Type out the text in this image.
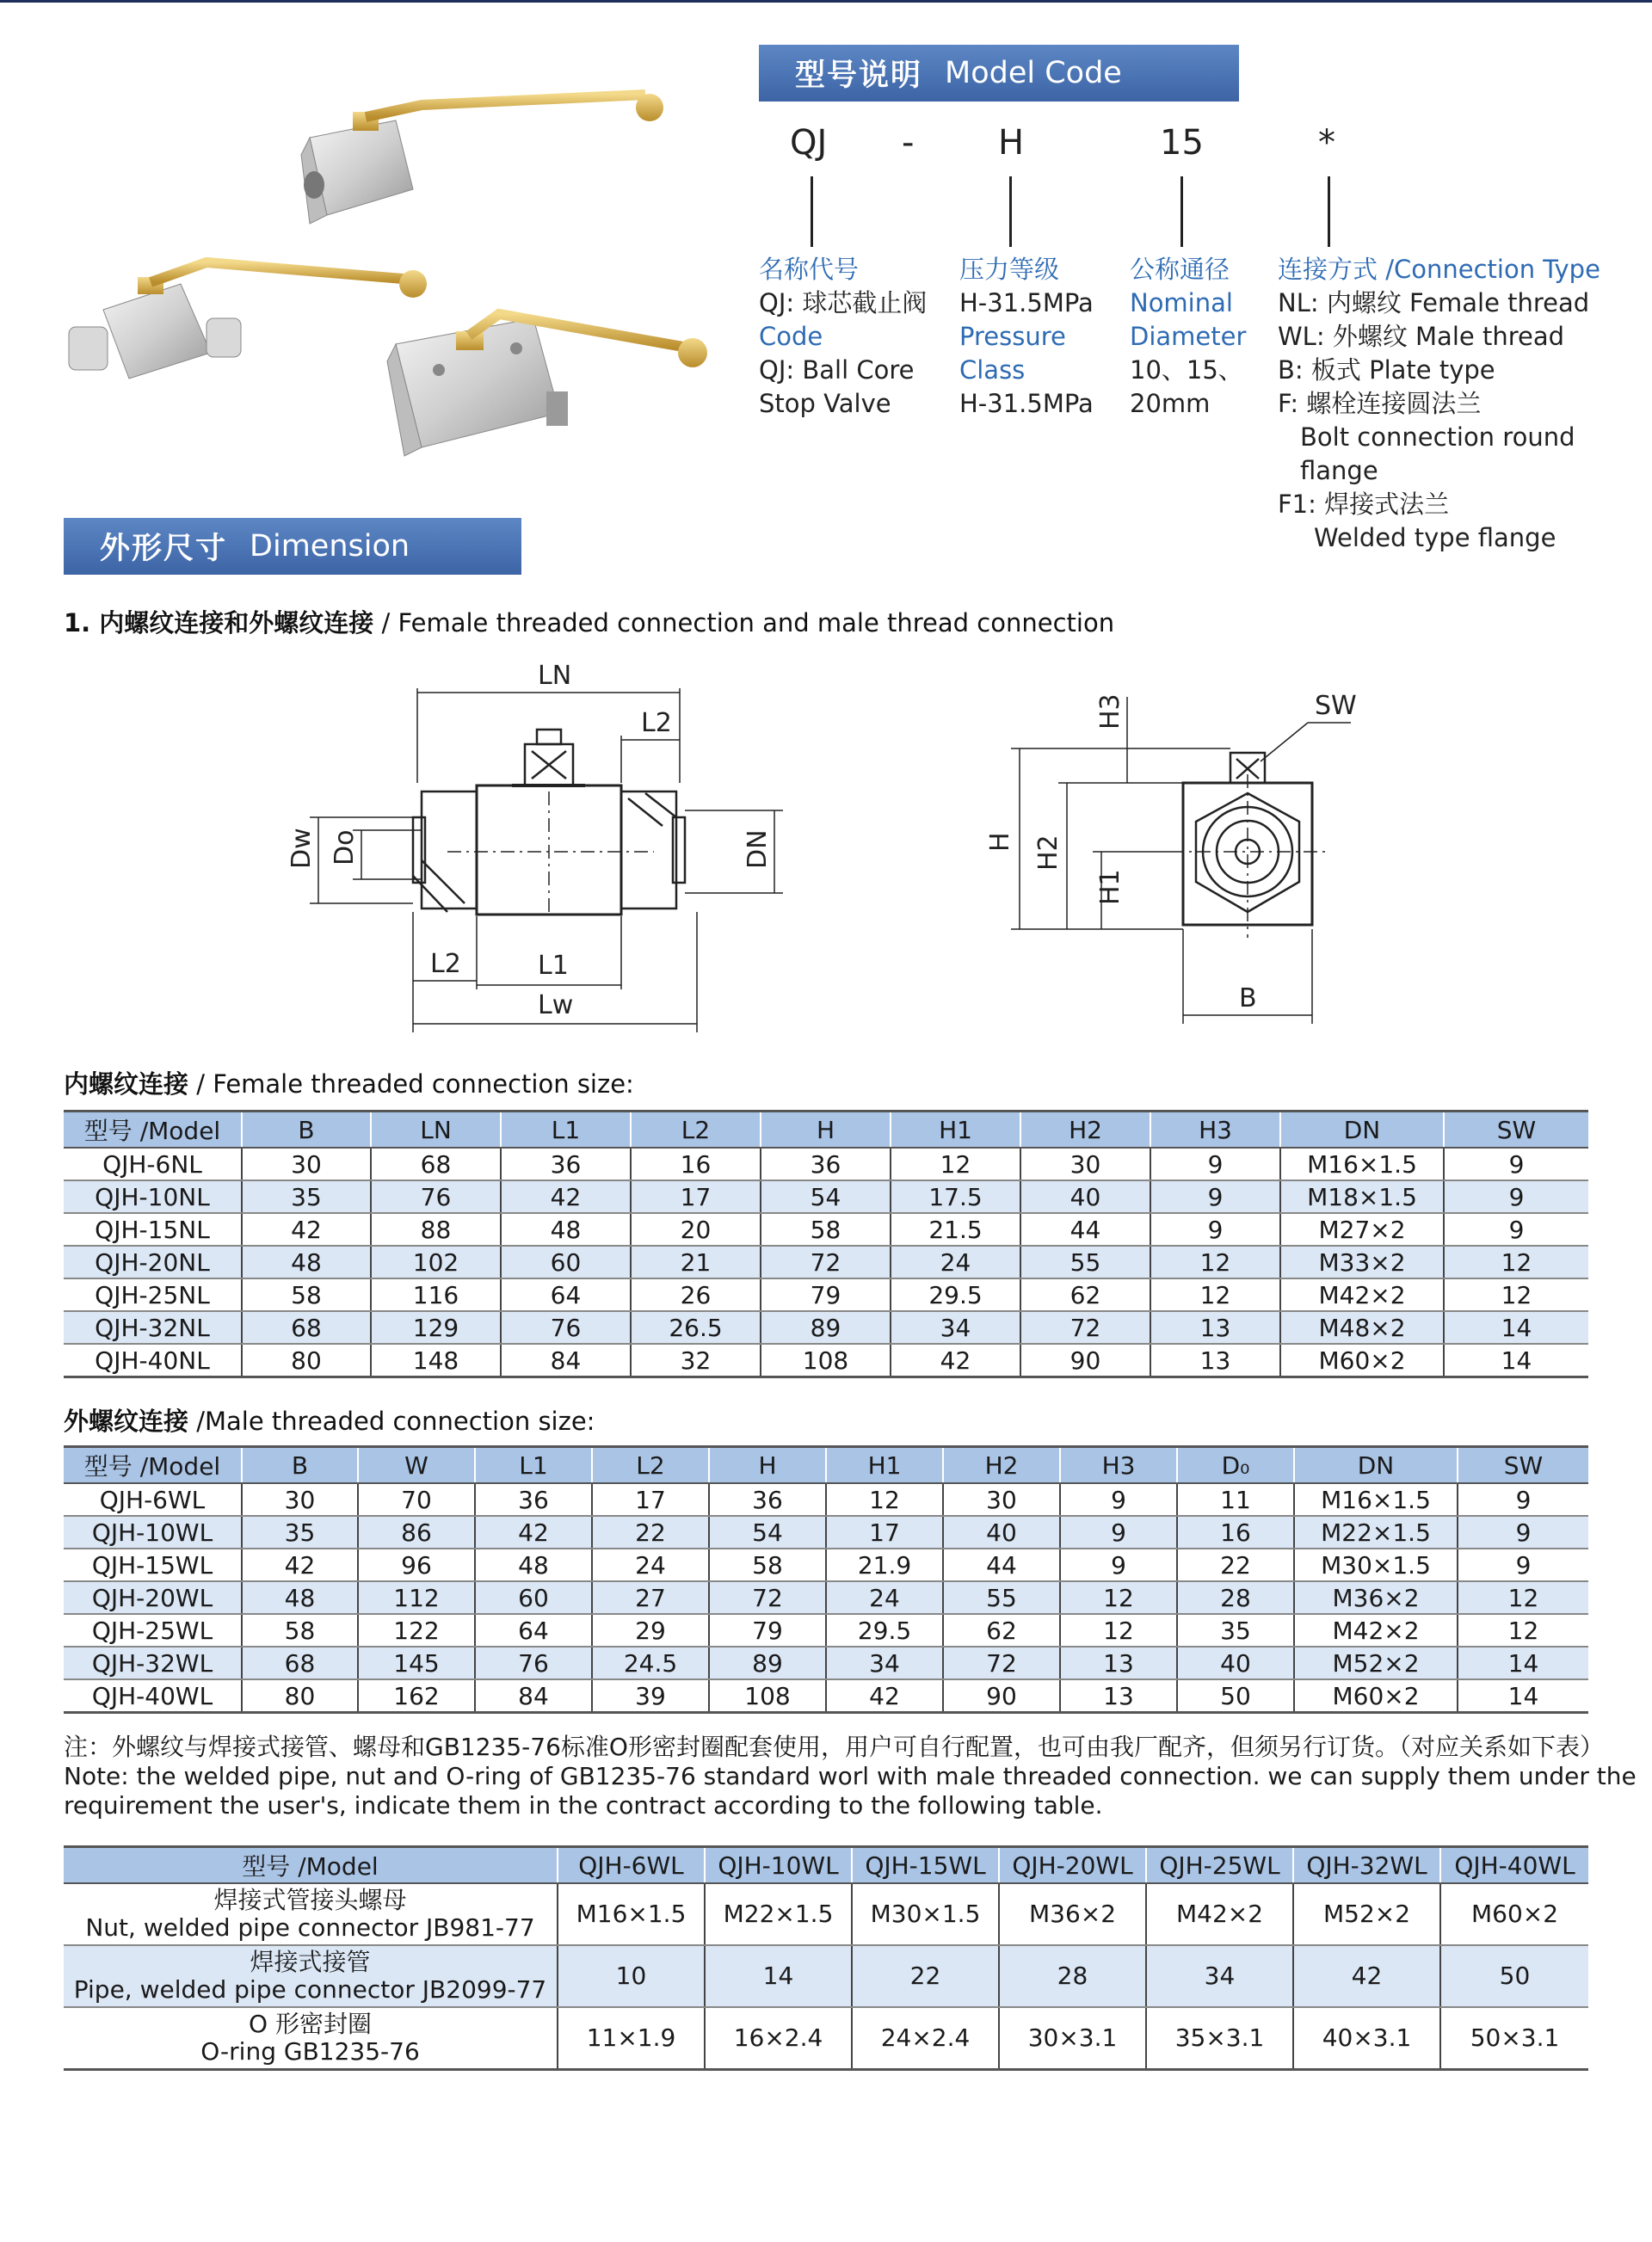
型号说明 Model Code
QJ - H	15	*
名称代号
QJ: 球芯截止阀
Code
QJ: Ball Core
Stop Valve
压力等级
H-31.5MPa
Pressure
Class
H-31.5MPa
公称通径
Nominal
Diameter
10、15、
20mm
连接方式 /Connection Type
NL: 内螺纹 Female thread
WL: 外螺纹 Male thread
B: 板式 Plate type
F: 螺栓连接圆法兰
Bolt connection round
flange
F1: 焊接式法兰
Welded type flange
外形尺寸 Dimension
1. 内螺纹连接和外螺纹连接 / Female threaded connection and male thread connection
LN
L2
Dw Do	DN
L2	L1
Lw
H3	SW
H H2
H1
B
内螺纹连接 / Female threaded connection size:
型号 /Model	B	LN	L1	L2	H	H1	H2	H3	DN	SW
QJH-6NL	30	68	36	16	36	12	30	9	M16×1.5	9
QJH-10NL	35	76	42	17	54	17.5	40	9	M18×1.5	9
QJH-15NL	42	88	48	20	58	21.5	44	9	M27×2	9
QJH-20NL	48	102	60	21	72	24	55	12	M33×2	12
QJH-25NL	58	116	64	26	79	29.5	62	12	M42×2	12
QJH-32NL	68	129	76	26.5	89	34	72	13	M48×2	14
QJH-40NL	80	148	84	32	108	42	90	13	M60×2	14
外螺纹连接 /Male threaded connection size:
型号 /Model	B	W	L1	L2	H	H1	H2	H3	D₀	DN	SW
QJH-6WL	30	70	36	17	36	12	30	9	11	M16×1.5	9
QJH-10WL	35	86	42	22	54	17	40	9	16	M22×1.5	9
QJH-15WL	42	96	48	24	58	21.9	44	9	22	M30×1.5	9
QJH-20WL	48	112	60	27	72	24	55	12	28	M36×2	12
QJH-25WL	58	122	64	29	79	29.5	62	12	35	M42×2	12
QJH-32WL	68	145	76	24.5	89	34	72	13	40	M52×2	14
QJH-40WL	80	162	84	39	108	42	90	13	50	M60×2	14
注：外螺纹与焊接式接管、螺母和GB1235-76标准O形密封圈配套使用，用户可自行配置，也可由我厂配齐，但须另行订货。（对应关系如下表）
Note: the welded pipe, nut and O-ring of GB1235-76 standard worl with male threaded connection. we can supply them under the
requirement the user's, indicate them in the contract according to the following table.
型号 /Model	QJH-6WL	QJH-10WL	QJH-15WL	QJH-20WL	QJH-25WL	QJH-32WL	QJH-40WL

焊接式管接头螺母
Nut, welded pipe connector JB981-77	M16×1.5	M22×1.5	M30×1.5	M36×2	M42×2	M52×2	M60×2

焊接式接管
Pipe, welded pipe connector JB2099-77	10	14	22	28	34	42	50

O 形密封圈
O-ring GB1235-76	11×1.9	16×2.4	24×2.4	30×3.1	35×3.1	40×3.1	50×3.1
